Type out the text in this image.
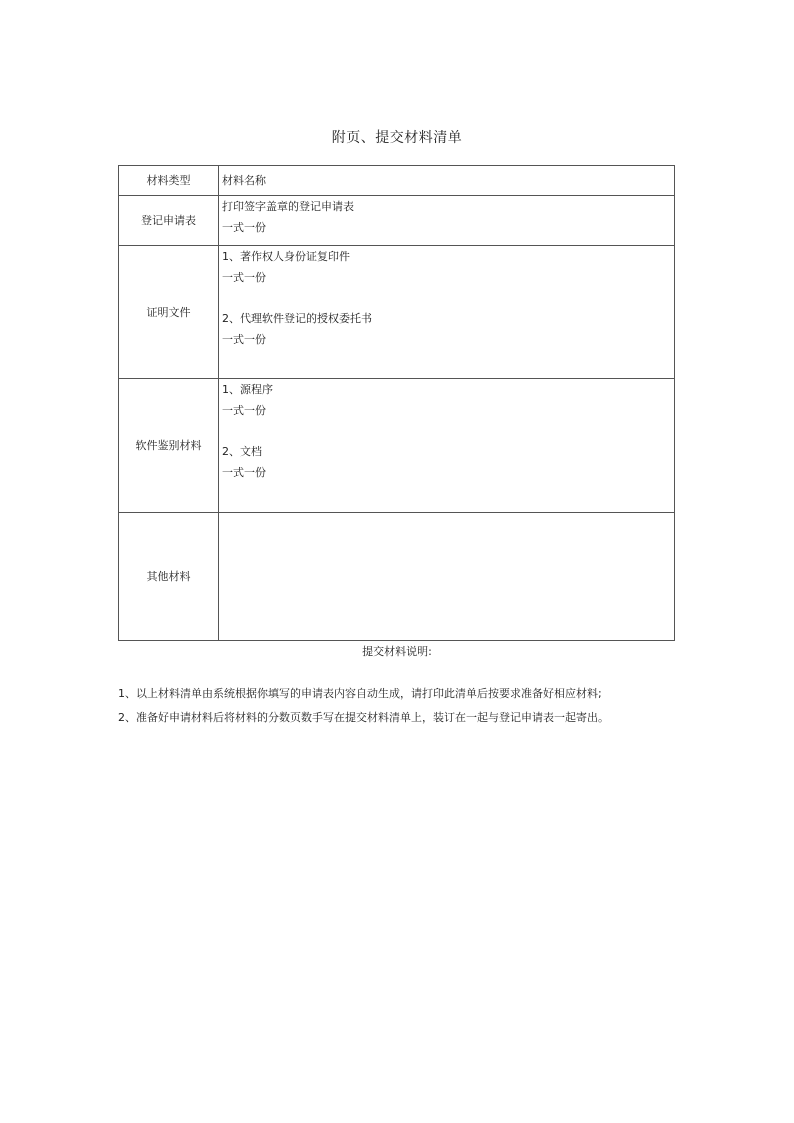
附页、提交材料清单
材料类型	材料名称
登记申请表	打印签字盖章的登记申请表
一式一份

证明文件	1、著作权人身份证复印件
一式一份
2、代理软件登记的授权委托书
一式一份

软件鉴别材料	1、源程序
一式一份
2、文档
一式一份

其他材料	
提交材料说明:

1、以上材料清单由系统根据你填写的申请表内容自动生成，请打印此清单后按要求准备好相应材料;

2、准备好申请材料后将材料的分数页数手写在提交材料清单上，装订在一起与登记申请表一起寄出。
